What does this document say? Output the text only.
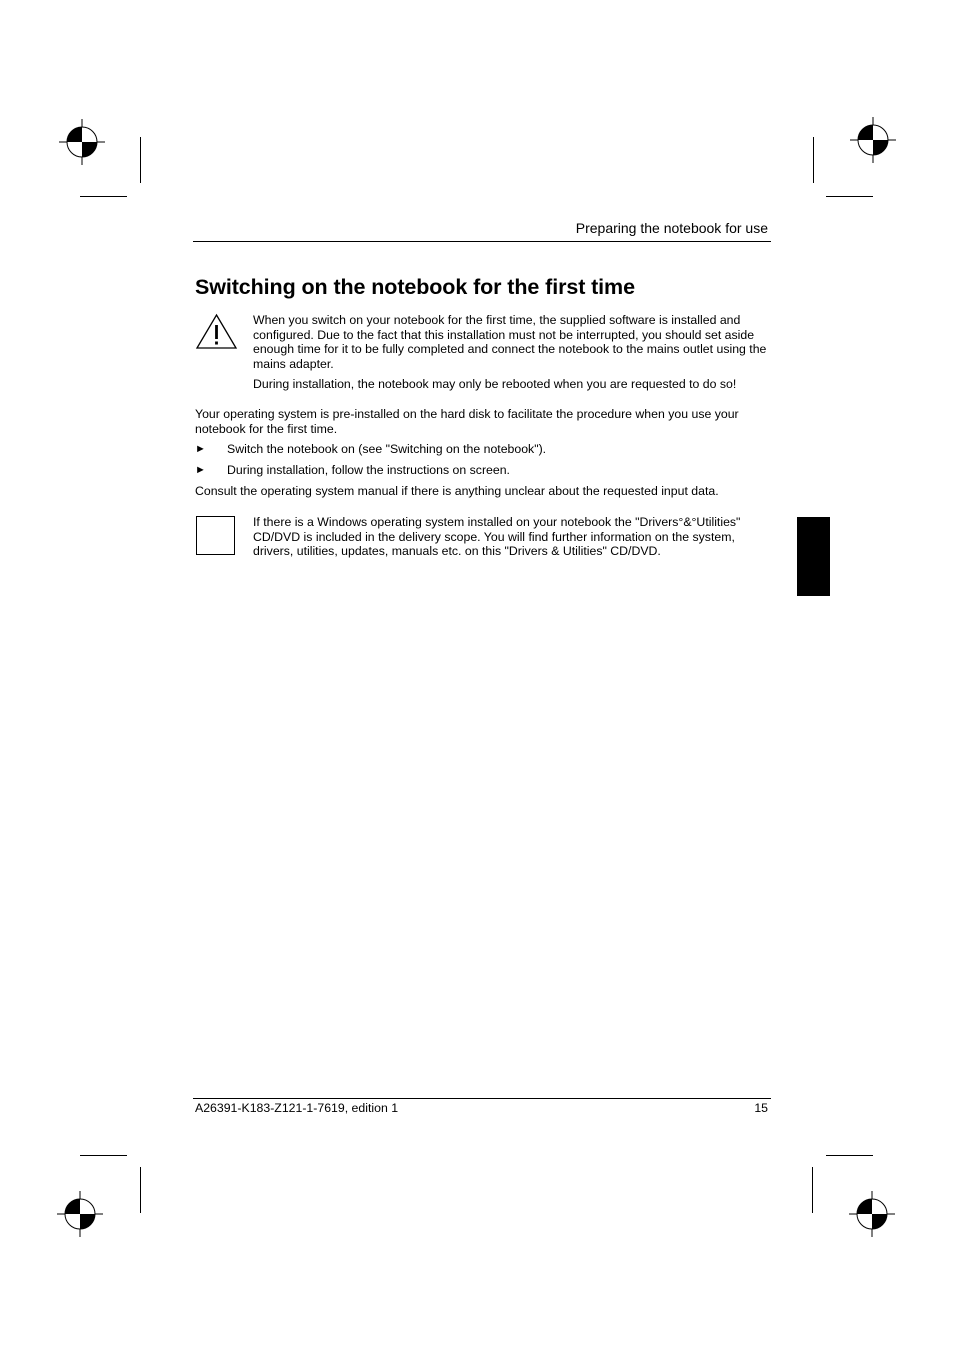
Preparing the notebook for use
Switching on the notebook for the first time

When you switch on your notebook for the first time, the supplied software is installed and configured. Due to the fact that this installation must not be interrupted, you should set aside enough time for it to be fully completed and connect the notebook to the mains outlet using the mains adapter.

During installation, the notebook may only be rebooted when you are requested to do so!

Your operating system is pre-installed on the hard disk to facilitate the procedure when you use your notebook for the first time.

► Switch the notebook on (see "Switching on the notebook").
► During installation, follow the instructions on screen.

Consult the operating system manual if there is anything unclear about the requested input data.

If there is a Windows operating system installed on your notebook the "Drivers°&°Utilities" CD/DVD is included in the delivery scope. You will find further information on the system, drivers, utilities, updates, manuals etc. on this "Drivers & Utilities" CD/DVD.

A26391-K183-Z121-1-7619, edition 1	15
